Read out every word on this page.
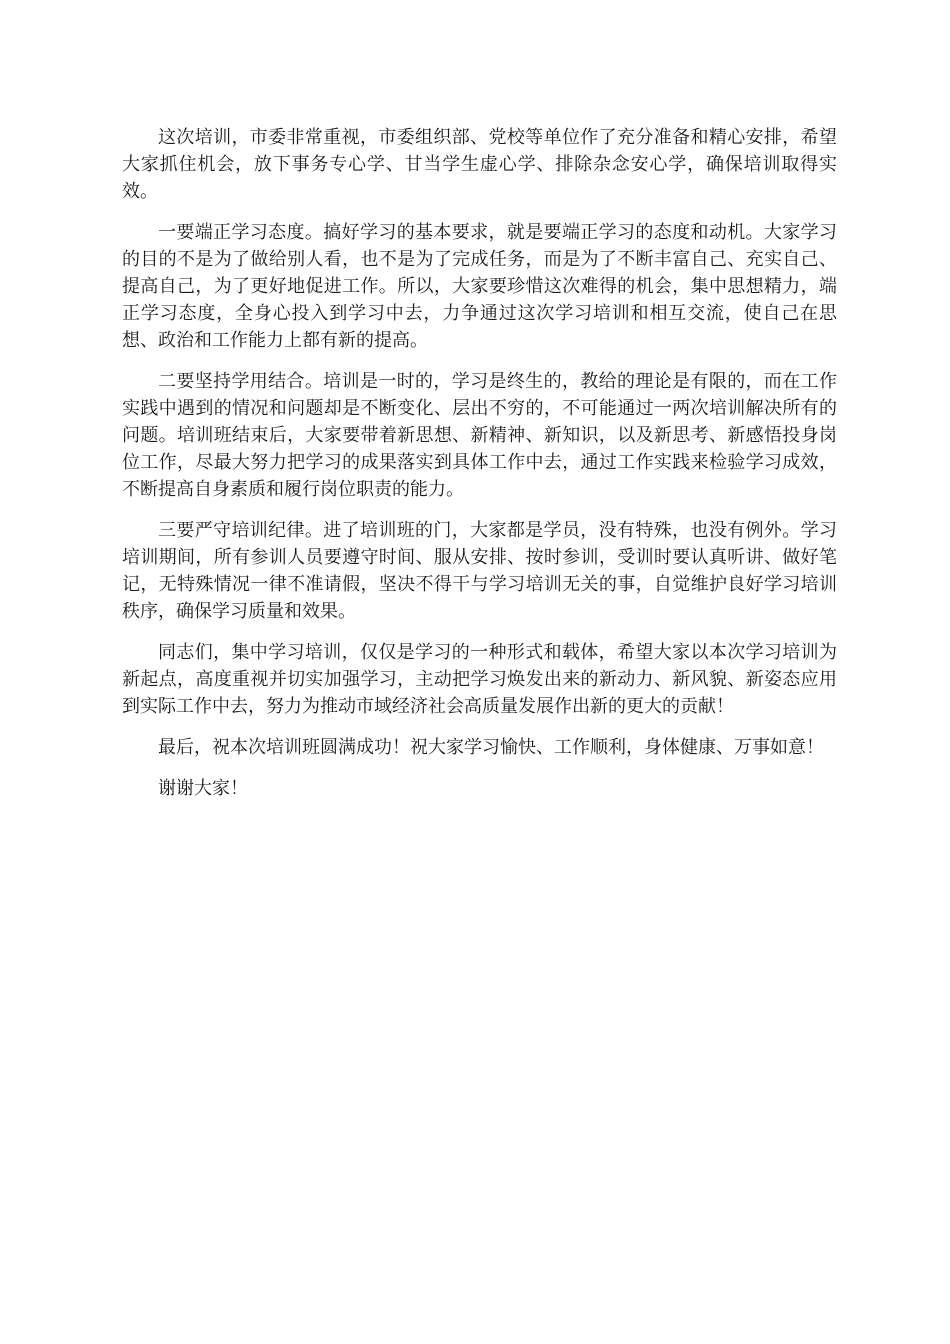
这次培训，市委非常重视，市委组织部、党校等单位作了充分准备和精心安排，希望大家抓住机会，放下事务专心学、甘当学生虚心学、排除杂念安心学，确保培训取得实效。

一要端正学习态度。搞好学习的基本要求，就是要端正学习的态度和动机。大家学习的目的不是为了做给别人看，也不是为了完成任务，而是为了不断丰富自己、充实自己、提高自己，为了更好地促进工作。所以，大家要珍惜这次难得的机会，集中思想精力，端正学习态度，全身心投入到学习中去，力争通过这次学习培训和相互交流，使自己在思想、政治和工作能力上都有新的提高。

二要坚持学用结合。培训是一时的，学习是终生的，教给的理论是有限的，而在工作实践中遇到的情况和问题却是不断变化、层出不穷的，不可能通过一两次培训解决所有的问题。培训班结束后，大家要带着新思想、新精神、新知识，以及新思考、新感悟投身岗位工作，尽最大努力把学习的成果落实到具体工作中去，通过工作实践来检验学习成效，不断提高自身素质和履行岗位职责的能力。

三要严守培训纪律。进了培训班的门，大家都是学员，没有特殊，也没有例外。学习培训期间，所有参训人员要遵守时间、服从安排、按时参训，受训时要认真听讲、做好笔记，无特殊情况一律不准请假，坚决不得干与学习培训无关的事，自觉维护良好学习培训秩序，确保学习质量和效果。

同志们，集中学习培训，仅仅是学习的一种形式和载体，希望大家以本次学习培训为新起点，高度重视并切实加强学习，主动把学习焕发出来的新动力、新风貌、新姿态应用到实际工作中去，努力为推动市域经济社会高质量发展作出新的更大的贡献！

最后，祝本次培训班圆满成功！祝大家学习愉快、工作顺利，身体健康、万事如意！

谢谢大家！
